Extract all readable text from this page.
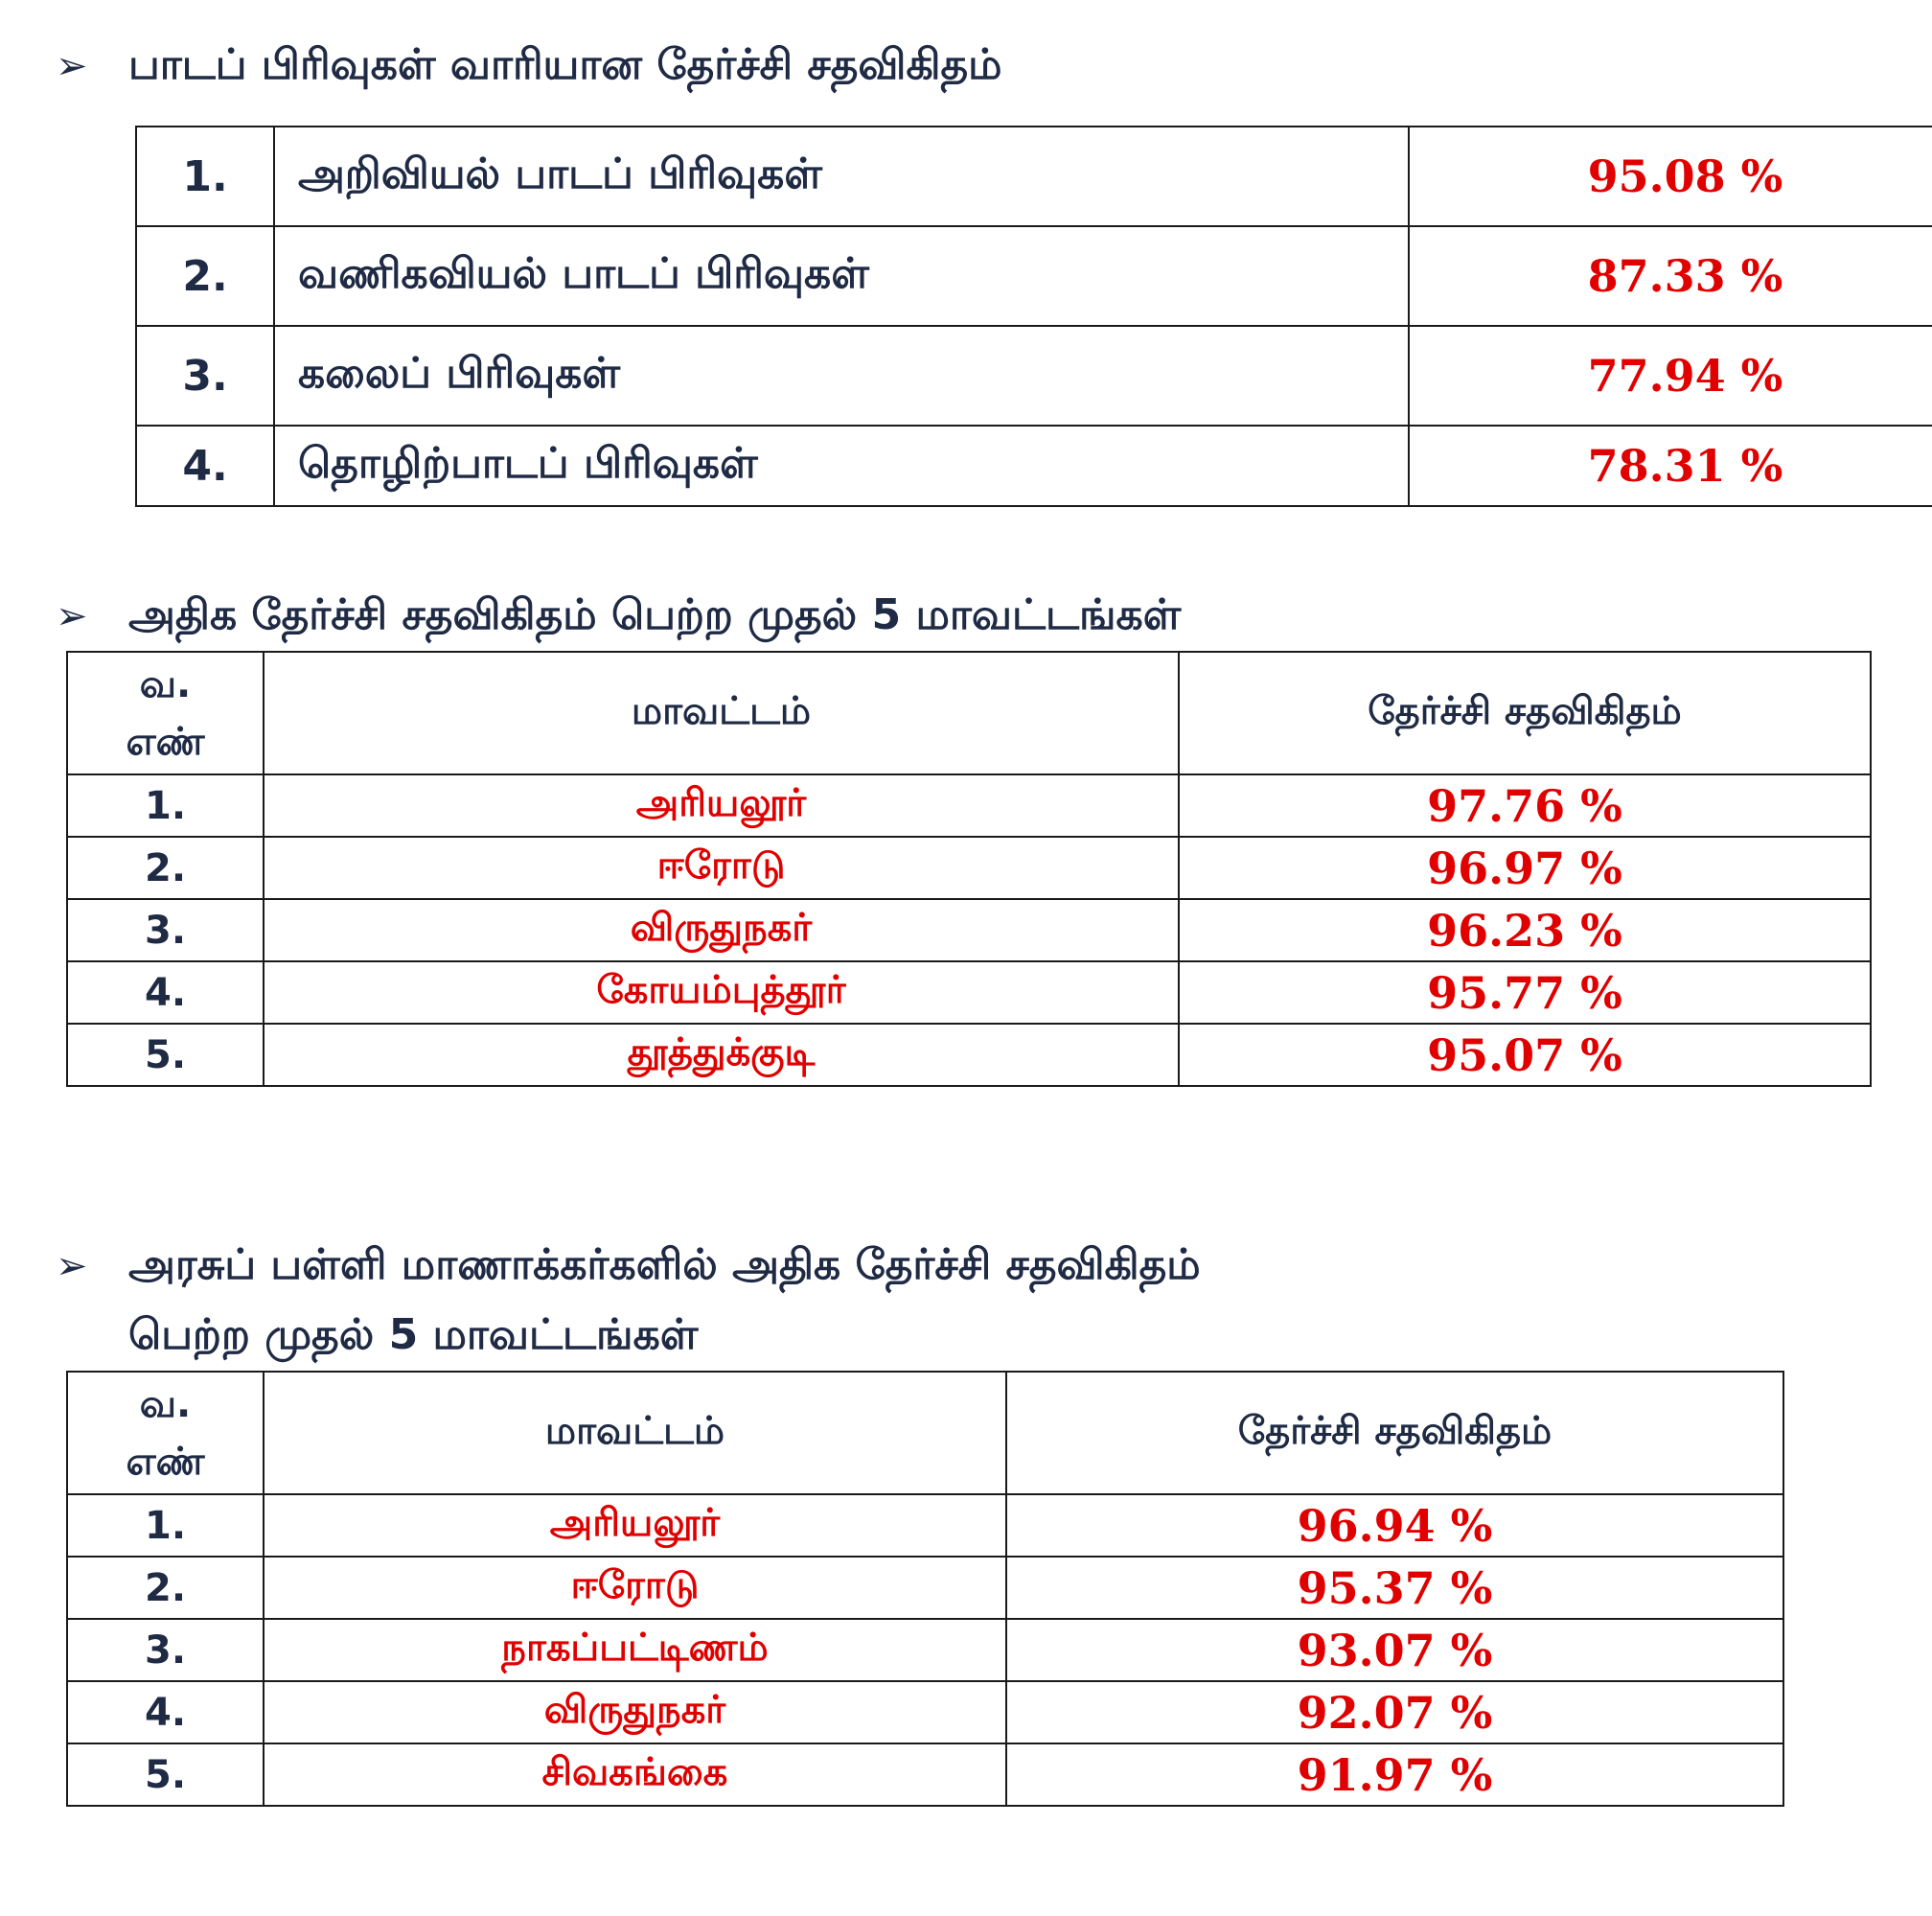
➢ பாடப் பிரிவுகள் வாரியான தேர்ச்சி சதவிகிதம்
1.	அறிவியல் பாடப் பிரிவுகள்	95.08 %
2.	வணிகவியல் பாடப் பிரிவுகள்	87.33 %
3.	கலைப் பிரிவுகள்	77.94 %
4.	தொழிற்பாடப் பிரிவுகள்	78.31 %
➢ அதிக தேர்ச்சி சதவிகிதம் பெற்ற முதல் 5 மாவட்டங்கள்
வ.
எண்	மாவட்டம்	தேர்ச்சி சதவிகிதம்
1.	அரியலூர்	97.76 %
2.	ஈரோடு	96.97 %
3.	விருதுநகர்	96.23 %
4.	கோயம்புத்தூர்	95.77 %
5.	தூத்துக்குடி	95.07 %
➢ அரசுப் பள்ளி மாணாக்கர்களில் அதிக தேர்ச்சி சதவிகிதம்
பெற்ற முதல் 5 மாவட்டங்கள்
வ.
எண்	மாவட்டம்	தேர்ச்சி சதவிகிதம்
1.	அரியலூர்	96.94 %
2.	ஈரோடு	95.37 %
3.	நாகப்பட்டிணம்	93.07 %
4.	விருதுநகர்	92.07 %
5.	சிவகங்கை	91.97 %
